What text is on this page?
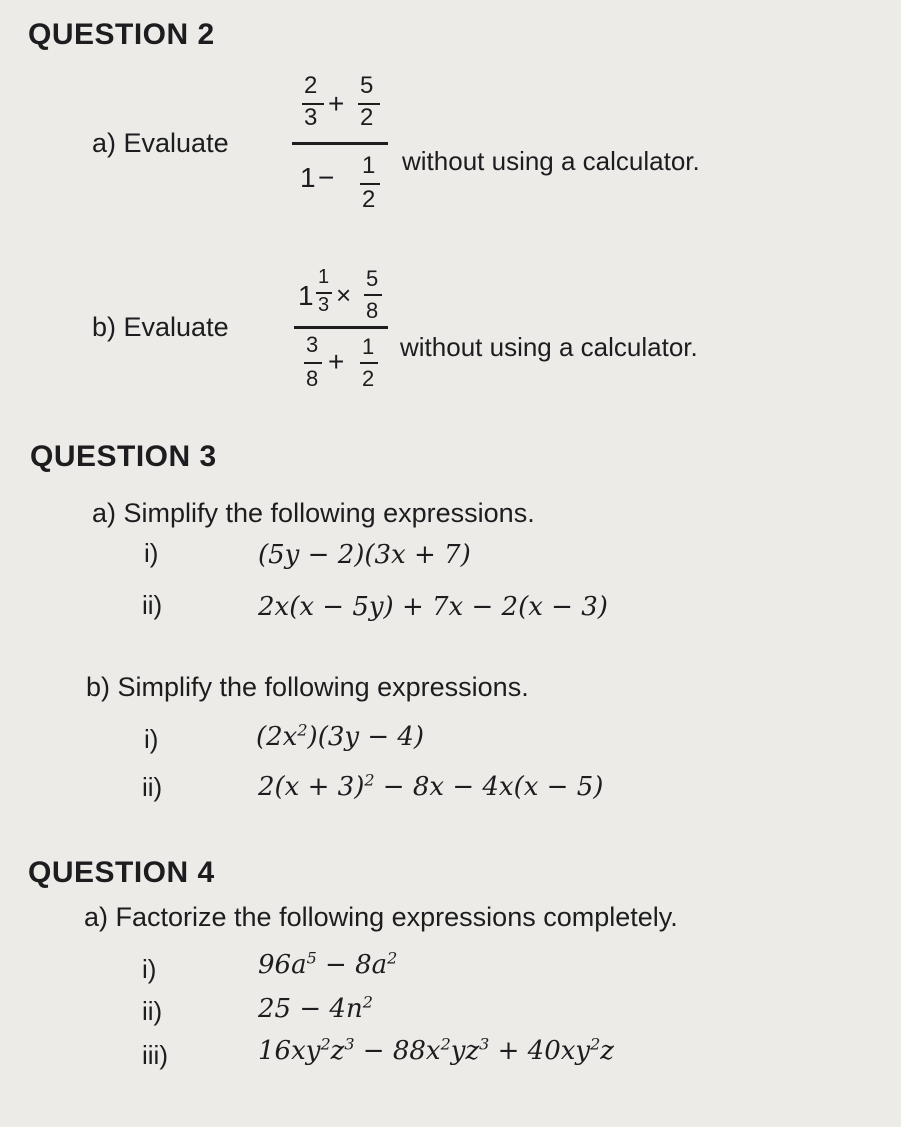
QUESTION 2
a) Evaluate
2
3 +
5
2
1 − 1
2
without using a calculator.
b) Evaluate
1
1
3 ×
5
8
3
8
+ 1
2
without using a calculator.
QUESTION 3
a) Simplify the following expressions.
i)	(5y − 2)(3x + 7)
ii)	2x(x − 5y) + 7x − 2(x − 3)
b) Simplify the following expressions.
i)	$(2x^2)(3y - 4)$
ii)	$2(x + 3)^2 - 8x - 4x(x - 5)$
QUESTION 4
a) Factorize the following expressions completely.
i)	$96a^5 - 8a^2$
ii)	$25 - 4n^2$
iii)	$16xy^2z^3 - 88x^2yz^3 + 40xy^2z$
